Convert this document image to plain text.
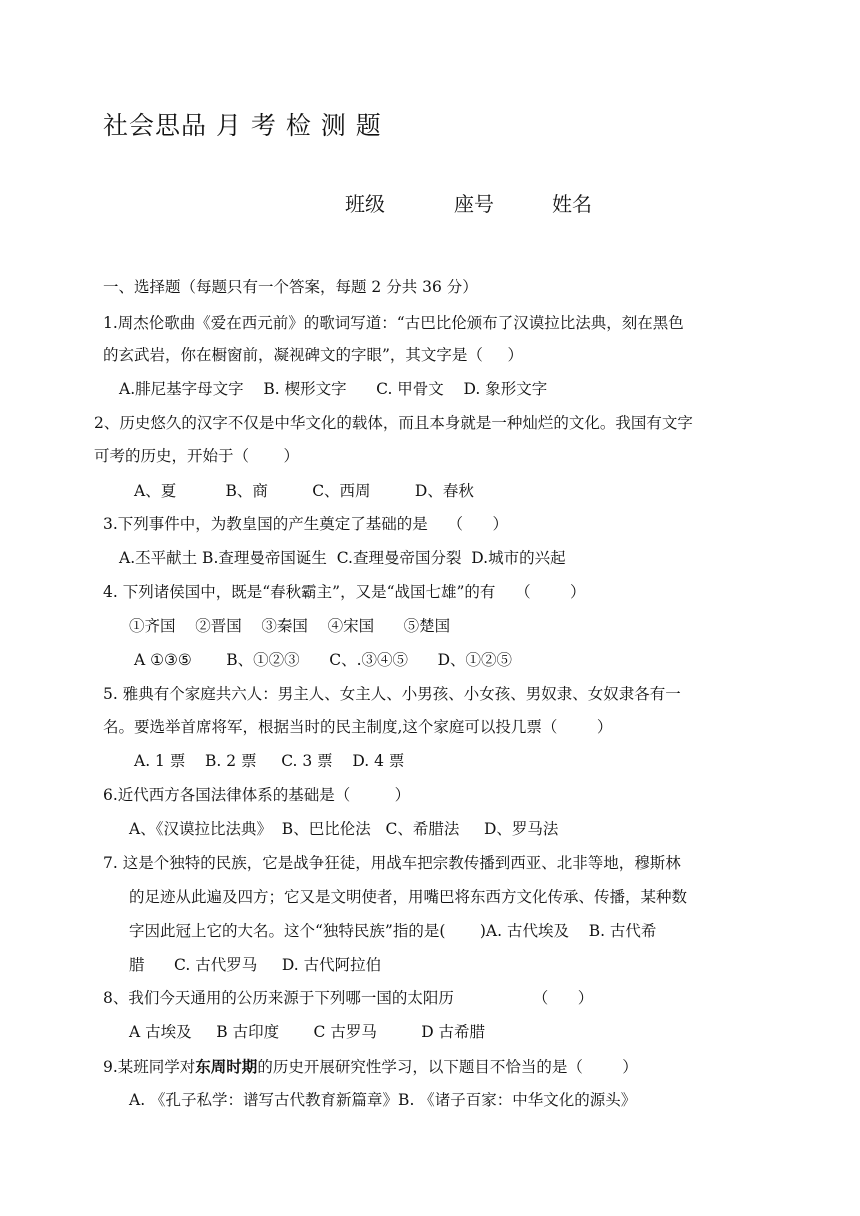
社会思品 月 考 检 测 题
班级	座号	姓名
一、选择题（每题只有一个答案，每题 2 分共 36 分）
1.周杰伦歌曲《爱在西元前》的歌词写道：“古巴比伦颁布了汉谟拉比法典，刻在黑色
的玄武岩，你在橱窗前，凝视碑文的字眼”，其文字是（     ）
A.腓尼基字母文字    B. 楔形文字      C. 甲骨文    D. 象形文字
2、历史悠久的汉字不仅是中华文化的载体，而且本身就是一种灿烂的文化。我国有文字
可考的历史，开始于（       ）
A、夏          B、商         C、西周         D、春秋
3.下列事件中，为教皇国的产生奠定了基础的是    （      ）
A.丕平献土 B.查理曼帝国诞生  C.查理曼帝国分裂  D.城市的兴起
4. 下列诸侯国中，既是“春秋霸主”，又是“战国七雄”的有    （        ）
①齐国    ②晋国    ③秦国    ④宋国      ⑤楚国
A ①③⑤       B、①②③      C、.③④⑤      D、①②⑤
5. 雅典有个家庭共六人：男主人、女主人、小男孩、小女孩、男奴隶、女奴隶各有一
名。要选举首席将军，根据当时的民主制度,这个家庭可以投几票（        ）
A. 1 票    B. 2 票     C. 3 票    D. 4 票
6.近代西方各国法律体系的基础是（         ）
A、《汉谟拉比法典》  B、巴比伦法   C、希腊法     D、罗马法
7. 这是个独特的民族，它是战争狂徒，用战车把宗教传播到西亚、北非等地，穆斯林
的足迹从此遍及四方；它又是文明使者，用嘴巴将东西方文化传承、传播，某种数
字因此冠上它的大名。这个“独特民族”指的是(       )A. 古代埃及    B. 古代希
腊      C. 古代罗马     D. 古代阿拉伯
8、我们今天通用的公历来源于下列哪一国的太阳历                （      ）
A 古埃及     B 古印度       C 古罗马         D 古希腊
9.某班同学对东周时期的历史开展研究性学习，以下题目不恰当的是（        ）
A. 《孔子私学：谱写古代教育新篇章》B. 《诸子百家：中华文化的源头》
